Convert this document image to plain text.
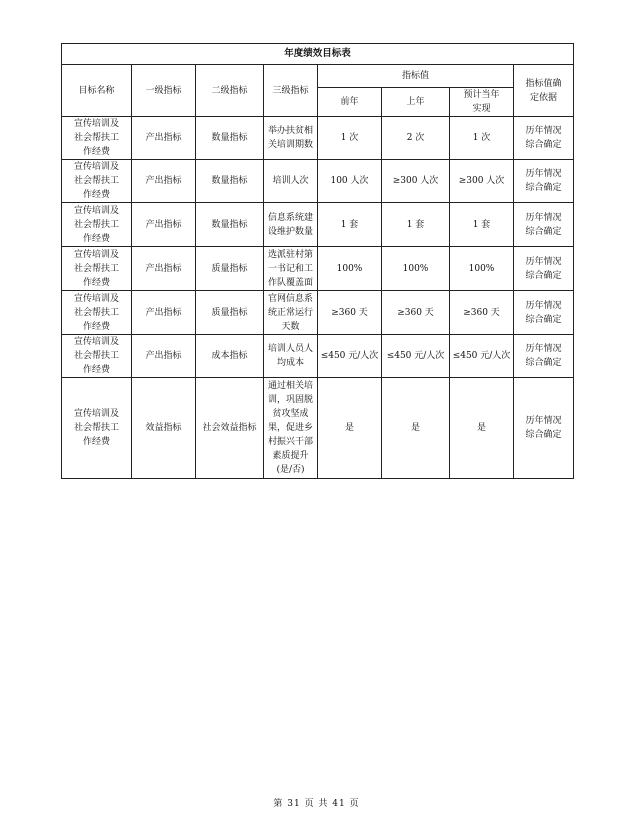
年度绩效目标表							
目标名称	一级指标	二级指标	三级指标	指标值			指标值确定依据
				前年	上年	预计当年实现	
宣传培训及社会帮扶工作经费	产出指标	数量指标	举办扶贫相关培训期数	1 次	2 次	1 次	历年情况综合确定
宣传培训及社会帮扶工作经费	产出指标	数量指标	培训人次	100 人次	≥300 人次	≥300 人次	历年情况综合确定
宣传培训及社会帮扶工作经费	产出指标	数量指标	信息系统建设维护数量	1 套	1 套	1 套	历年情况综合确定
宣传培训及社会帮扶工作经费	产出指标	质量指标	选派驻村第一书记和工作队覆盖面	100%	100%	100%	历年情况综合确定
宣传培训及社会帮扶工作经费	产出指标	质量指标	官网信息系统正常运行天数	≥360 天	≥360 天	≥360 天	历年情况综合确定
宣传培训及社会帮扶工作经费	产出指标	成本指标	培训人员人均成本	≤450 元/人次	≤450 元/人次	≤450 元/人次	历年情况综合确定
宣传培训及社会帮扶工作经费	效益指标	社会效益指标	通过相关培训，巩固脱贫攻坚成果，促进乡村振兴干部素质提升(是/否)	是	是	是	历年情况综合确定
第 31 页 共 41 页
